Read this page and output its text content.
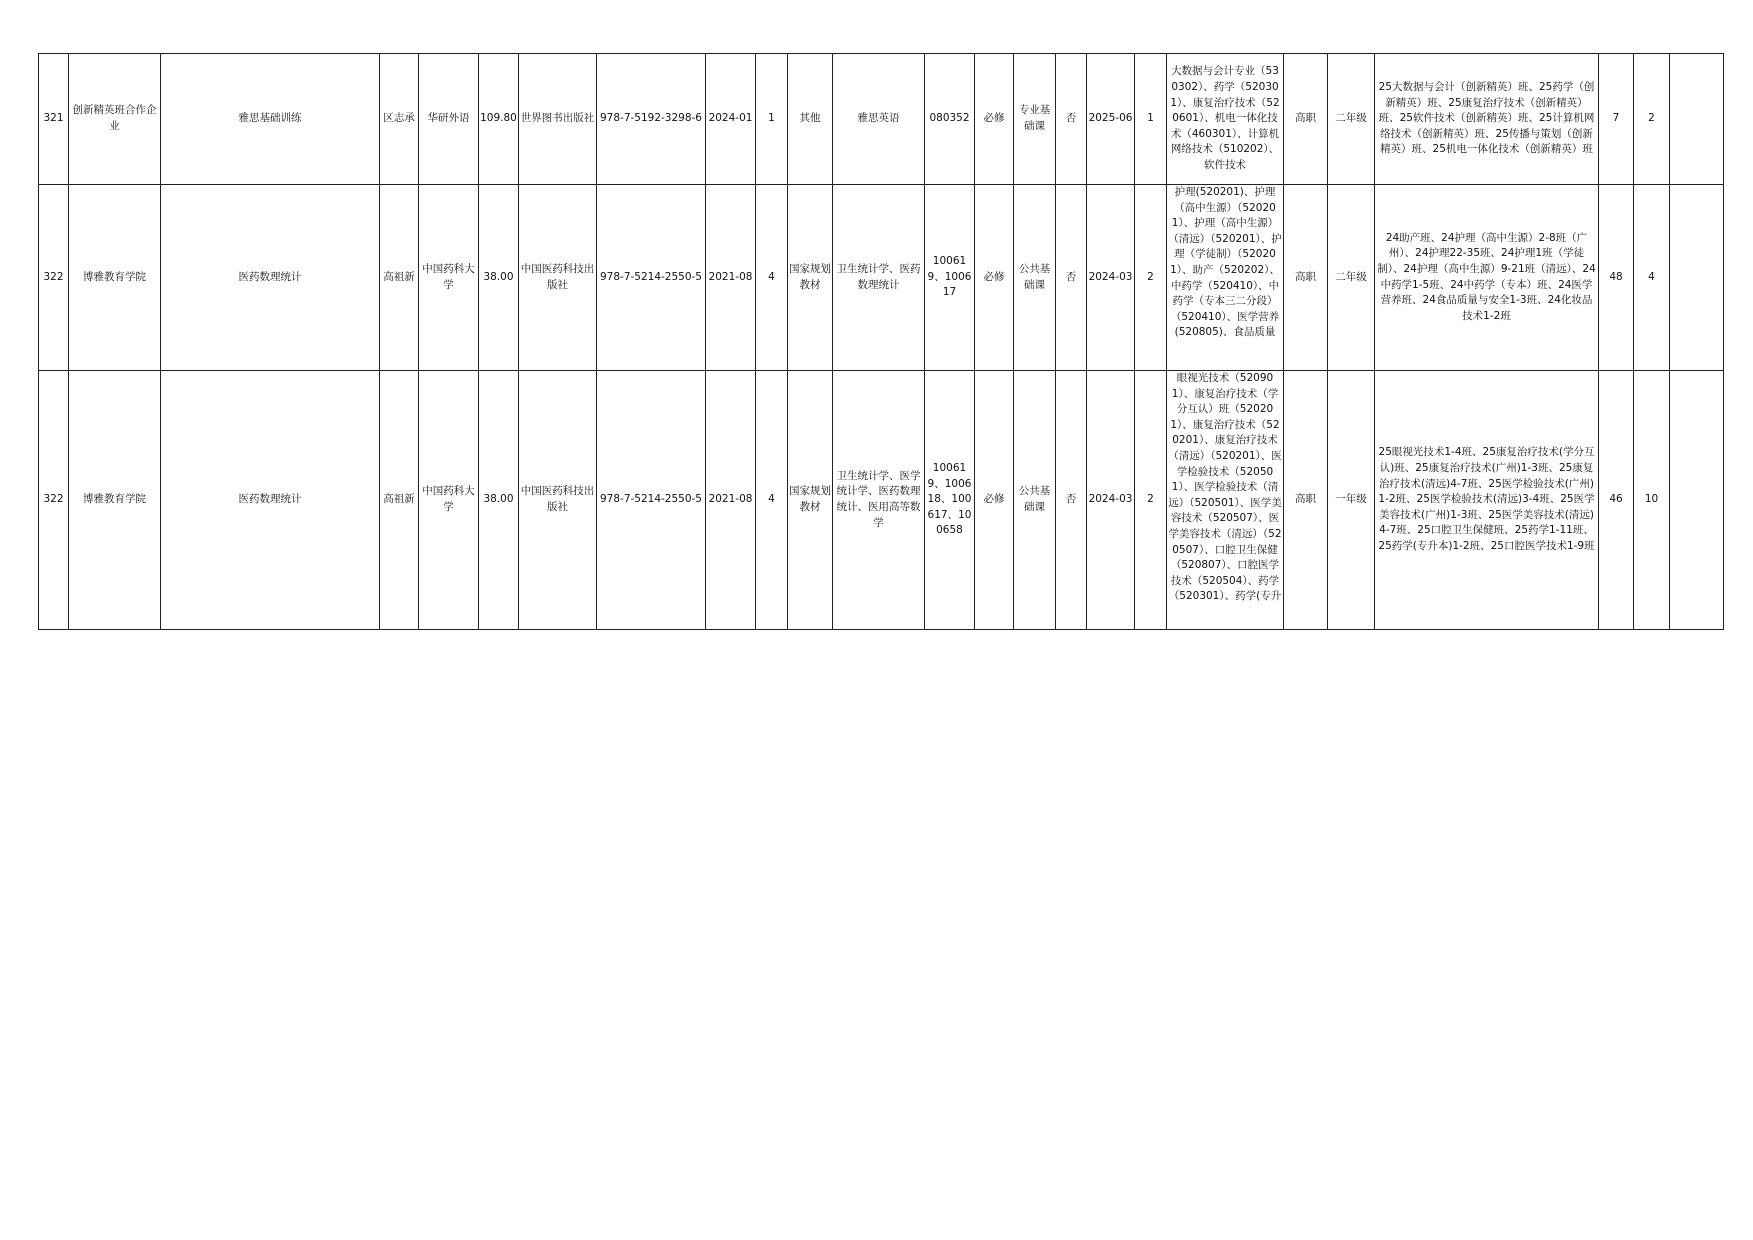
321	创新精英班合作企业	雅思基础训练	区志承	华研外语	109.80	世界图书出版社	978-7-5192-3298-6	2024-01	1	其他	雅思英语	080352	必修	专业基础课	否	2025-06	1	大数据与会计专业（530302）、药学（520301）、康复治疗技术（520601）、机电一体化技术（460301）、计算机网络技术（510202）、软件技术	高职	二年级	25大数据与会计（创新精英）班、25药学（创新精英）班、25康复治疗技术（创新精英）班、25软件技术（创新精英）班、25计算机网络技术（创新精英）班、25传播与策划（创新精英）班、25机电一体化技术（创新精英）班	7	2	
322	博雅教育学院	医药数理统计	高祖新	中国药科大学	38.00	中国医药科技出版社	978-7-5214-2550-5	2021-08	4	国家规划教材	卫生统计学、医药数理统计	100619、100617	必修	公共基础课	否	2024-03	2	护理(520201)、护理（高中生源）（520201）、护理（高中生源）（清远）（520201）、护理（学徒制）（520201）、助产（520202）、中药学（520410）、中药学（专本三二分段）（520410）、医学营养(520805)、食品质量	高职	二年级	24助产班、24护理（高中生源）2-8班（广州）、24护理22-35班、24护理1班（学徒制）、24护理（高中生源）9-21班（清远）、24中药学1-5班、24中药学（专本）班、24医学营养班、24食品质量与安全1-3班、24化妆品技术1-2班	48	4	
322	博雅教育学院	医药数理统计	高祖新	中国药科大学	38.00	中国医药科技出版社	978-7-5214-2550-5	2021-08	4	国家规划教材	卫生统计学、医学统计学、医药数理统计、医用高等数学	100619、100618、100617、100658	必修	公共基础课	否	2024-03	2	眼视光技术（520901）、康复治疗技术（学分互认）班（520201）、康复治疗技术（520201）、康复治疗技术（清远）（520201）、医学检验技术（520501）、医学检验技术（清远）（520501）、医学美容技术（520507）、医学美容技术（清远）（520507）、口腔卫生保健（520807）、口腔医学技术（520504）、药学（520301）、药学(专升	高职	一年级	25眼视光技术1-4班、25康复治疗技术(学分互认)班、25康复治疗技术(广州)1-3班、25康复治疗技术(清远)4-7班、25医学检验技术(广州)1-2班、25医学检验技术(清远)3-4班、25医学美容技术(广州)1-3班、25医学美容技术(清远)4-7班、25口腔卫生保健班、25药学1-11班、25药学(专升本)1-2班、25口腔医学技术1-9班	46	10	
